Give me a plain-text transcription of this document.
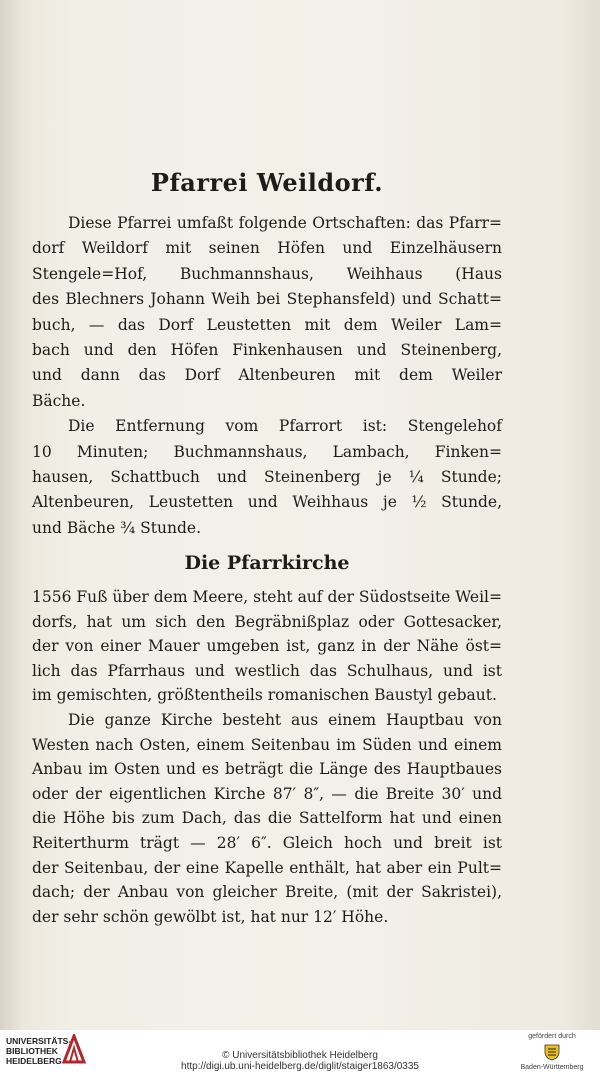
Pfarrei Weildorf.
Diese Pfarrei umfaßt folgende Ortschaften: das Pfarr=
dorf Weildorf mit seinen Höfen und Einzelhäusern
Stengele=Hof, Buchmannshaus, Weihhaus (Haus
des Blechners Johann Weih bei Stephansfeld) und Schatt=
buch, — das Dorf Leustetten mit dem Weiler Lam=
bach und den Höfen Finkenhausen und Steinenberg,
und dann das Dorf Altenbeuren mit dem Weiler
Bäche.
Die Entfernung vom Pfarrort ist: Stengelehof
10 Minuten; Buchmannshaus, Lambach, Finken=
hausen, Schattbuch und Steinenberg je ¼ Stunde;
Altenbeuren, Leustetten und Weihhaus je ½ Stunde,
und Bäche ¾ Stunde.
Die Pfarrkirche
1556 Fuß über dem Meere, steht auf der Südostseite Weil=
dorfs, hat um sich den Begräbnißplaz oder Gottesacker,
der von einer Mauer umgeben ist, ganz in der Nähe öst=
lich das Pfarrhaus und westlich das Schulhaus, und ist
im gemischten, größtentheils romanischen Baustyl gebaut.
Die ganze Kirche besteht aus einem Hauptbau von
Westen nach Osten, einem Seitenbau im Süden und einem
Anbau im Osten und es beträgt die Länge des Hauptbaues
oder der eigentlichen Kirche 87′ 8″, — die Breite 30′ und
die Höhe bis zum Dach, das die Sattelform hat und einen
Reiterthurm trägt — 28′ 6″. Gleich hoch und breit ist
der Seitenbau, der eine Kapelle enthält, hat aber ein Pult=
dach; der Anbau von gleicher Breite, (mit der Sakristei),
der sehr schön gewölbt ist, hat nur 12′ Höhe.
UNIVERSITÄTS-
BIBLIOTHEK
HEIDELBERG	© Universitätsbibliothek Heidelberg
http://digi.ub.uni-heidelberg.de/diglit/staiger1863/0335
gefördert durch
Baden-Württemberg
